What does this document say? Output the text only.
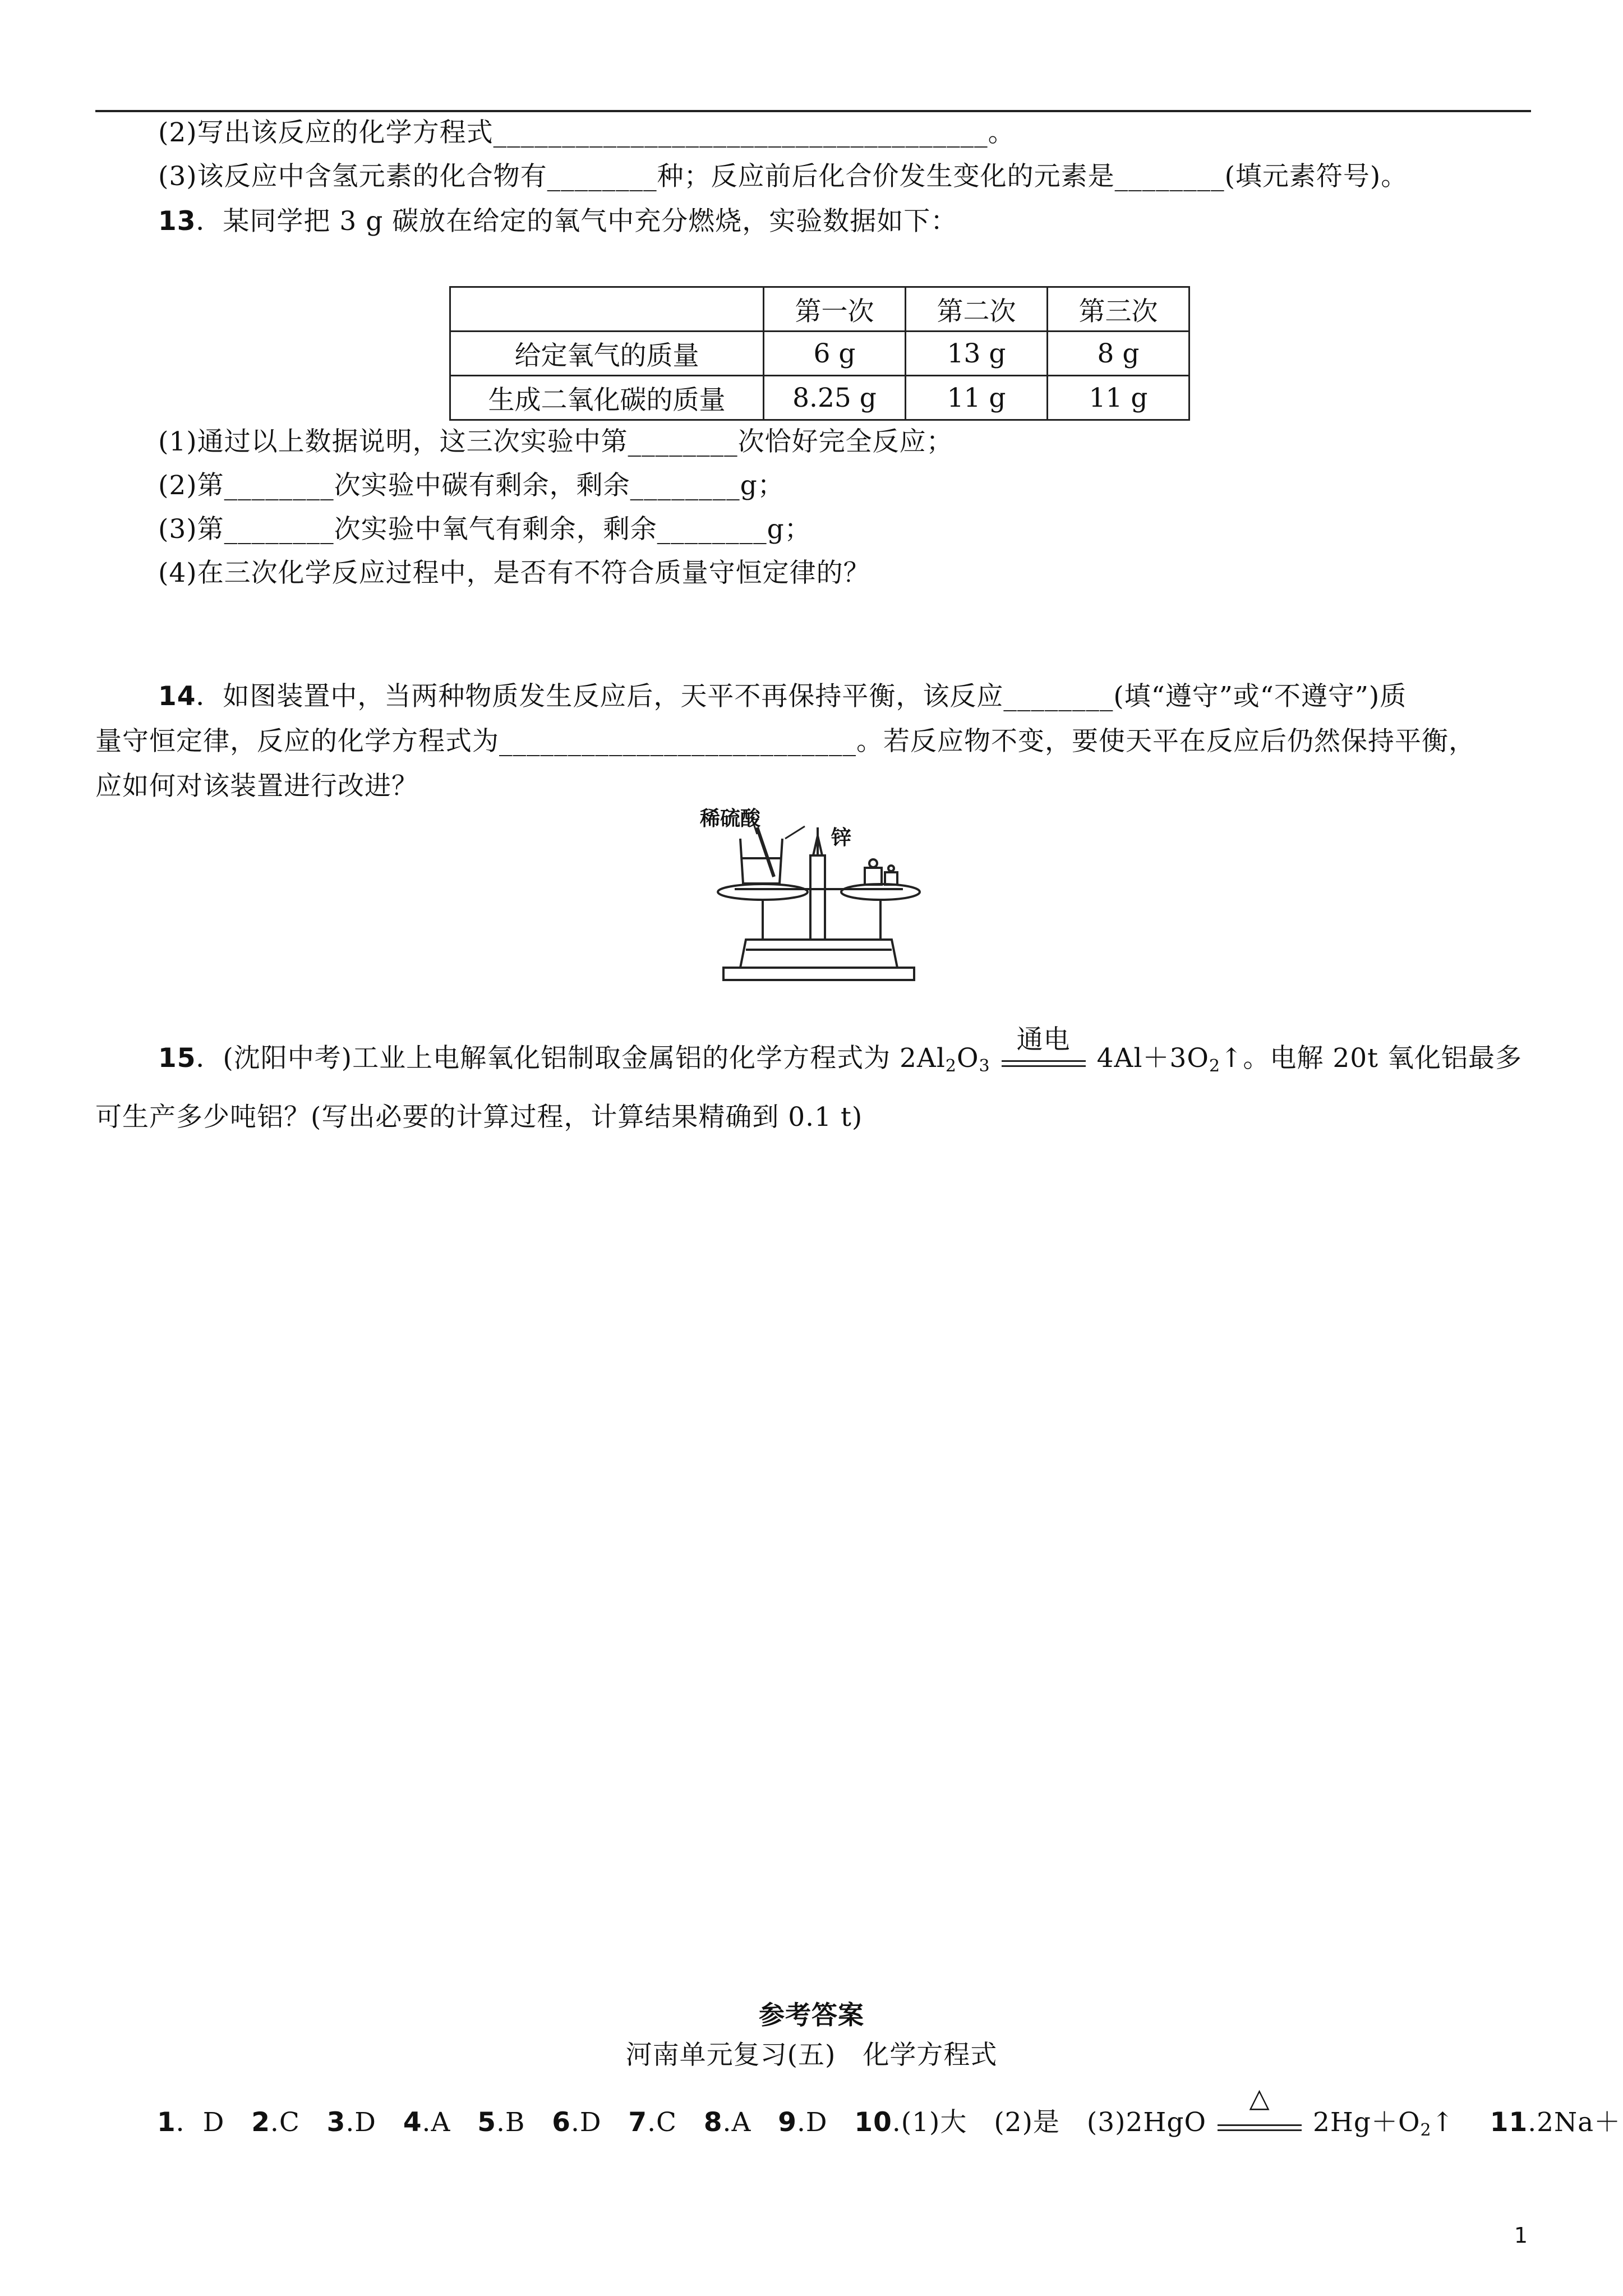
(2)写出该反应的化学方程式____________________________________。
(3)该反应中含氢元素的化合物有________种；反应前后化合价发生变化的元素是________(填元素符号)。
13．某同学把 3 g 碳放在给定的氧气中充分燃烧，实验数据如下：
	第一次	第二次	第三次
给定氧气的质量	6 g	13 g	8 g
生成二氧化碳的质量	8.25 g	11 g	11 g
(1)通过以上数据说明，这三次实验中第________次恰好完全反应；
(2)第________次实验中碳有剩余，剩余________g；
(3)第________次实验中氧气有剩余，剩余________g；
(4)在三次化学反应过程中，是否有不符合质量守恒定律的？
14．如图装置中，当两种物质发生反应后，天平不再保持平衡，该反应________(填“遵守”或“不遵守”)质
量守恒定律，反应的化学方程式为__________________________。若反应物不变，要使天平在反应后仍然保持平衡，
应如何对该装置进行改进？
稀硫酸
锌
15．(沈阳中考)工业上电解氧化铝制取金属铝的化学方程式为 $2Al_2O_3$
通电
$4Al+3O_2↑$。电解 20t 氧化铝最多
可生产多少吨铝？(写出必要的计算过程，计算结果精确到 0.1 t)
参考答案
河南单元复习(五)　化学方程式
1．D 2.C 3.D 4.A 5.B 6.D 7.C 8.A 9.D 10.(1)大　(2)是　(3)2HgO
△
$2Hg+O_2↑$ 11.2Na＋
1
